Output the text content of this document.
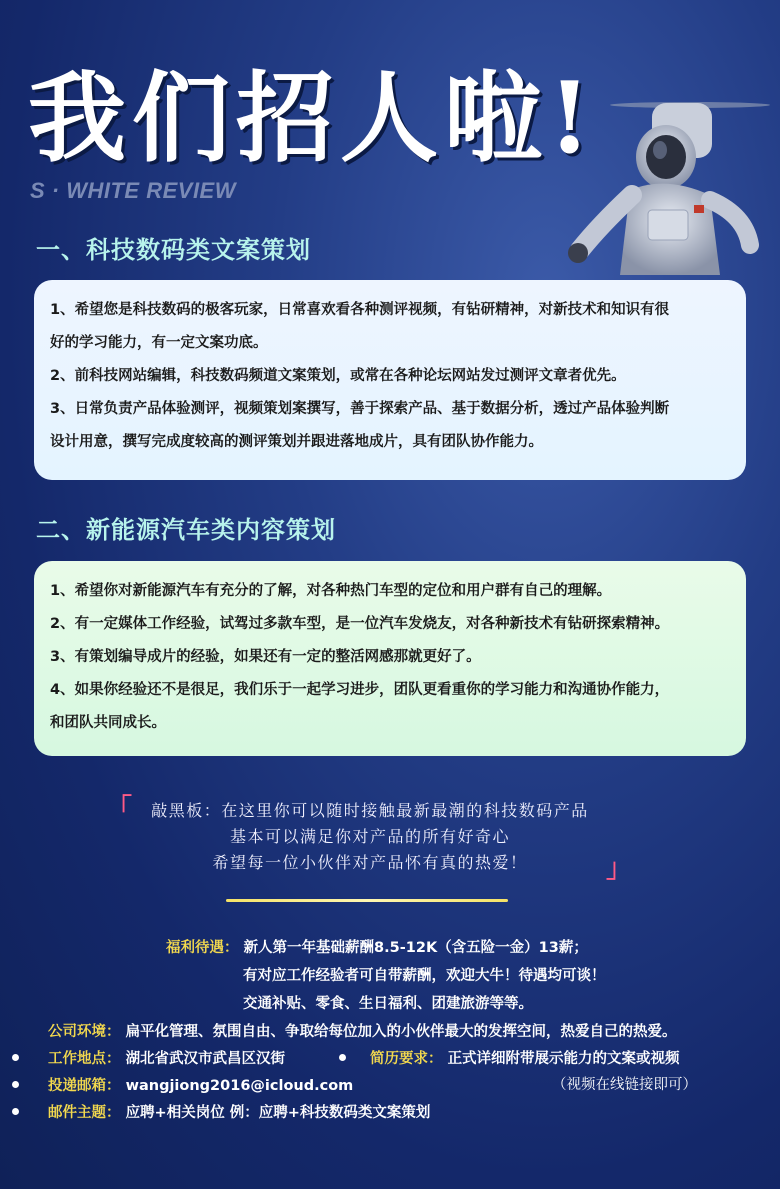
我们招人啦!
S · WHITE REVIEW
一、科技数码类文案策划

1、希望您是科技数码的极客玩家，日常喜欢看各种测评视频，有钻研精神，对新技术和知识有很

好的学习能力，有一定文案功底。

2、前科技网站编辑，科技数码频道文案策划，或常在各种论坛网站发过测评文章者优先。

3、日常负责产品体验测评，视频策划案撰写，善于探索产品、基于数据分析，透过产品体验判断

设计用意，撰写完成度较高的测评策划并跟进落地成片，具有团队协作能力。

二、新能源汽车类内容策划

1、希望你对新能源汽车有充分的了解，对各种热门车型的定位和用户群有自己的理解。

2、有一定媒体工作经验，试驾过多款车型，是一位汽车发烧友，对各种新技术有钻研探索精神。

3、有策划编导成片的经验，如果还有一定的整活网感那就更好了。

4、如果你经验还不是很足，我们乐于一起学习进步，团队更看重你的学习能力和沟通协作能力，

和团队共同成长。

「	敲黑板：在这里你可以随时接触最新最潮的科技数码产品
基本可以满足你对产品的所有好奇心
希望每一位小伙伴对产品怀有真的热爱！	」
福利待遇： 新人第一年基础薪酬8.5-12K（含五险一金）13薪；
有对应工作经验者可自带薪酬，欢迎大牛！待遇均可谈！
交通补贴、零食、生日福利、团建旅游等等。
公司环境： 扁平化管理、氛围自由、争取给每位加入的小伙伴最大的发挥空间，热爱自己的热爱。
工作地点： 湖北省武汉市武昌区汉街	简历要求： 正式详细附带展示能力的文案或视频
（视频在线链接即可）
投递邮箱： wangjiong2016@icloud.com
邮件主题： 应聘+相关岗位 例：应聘+科技数码类文案策划
